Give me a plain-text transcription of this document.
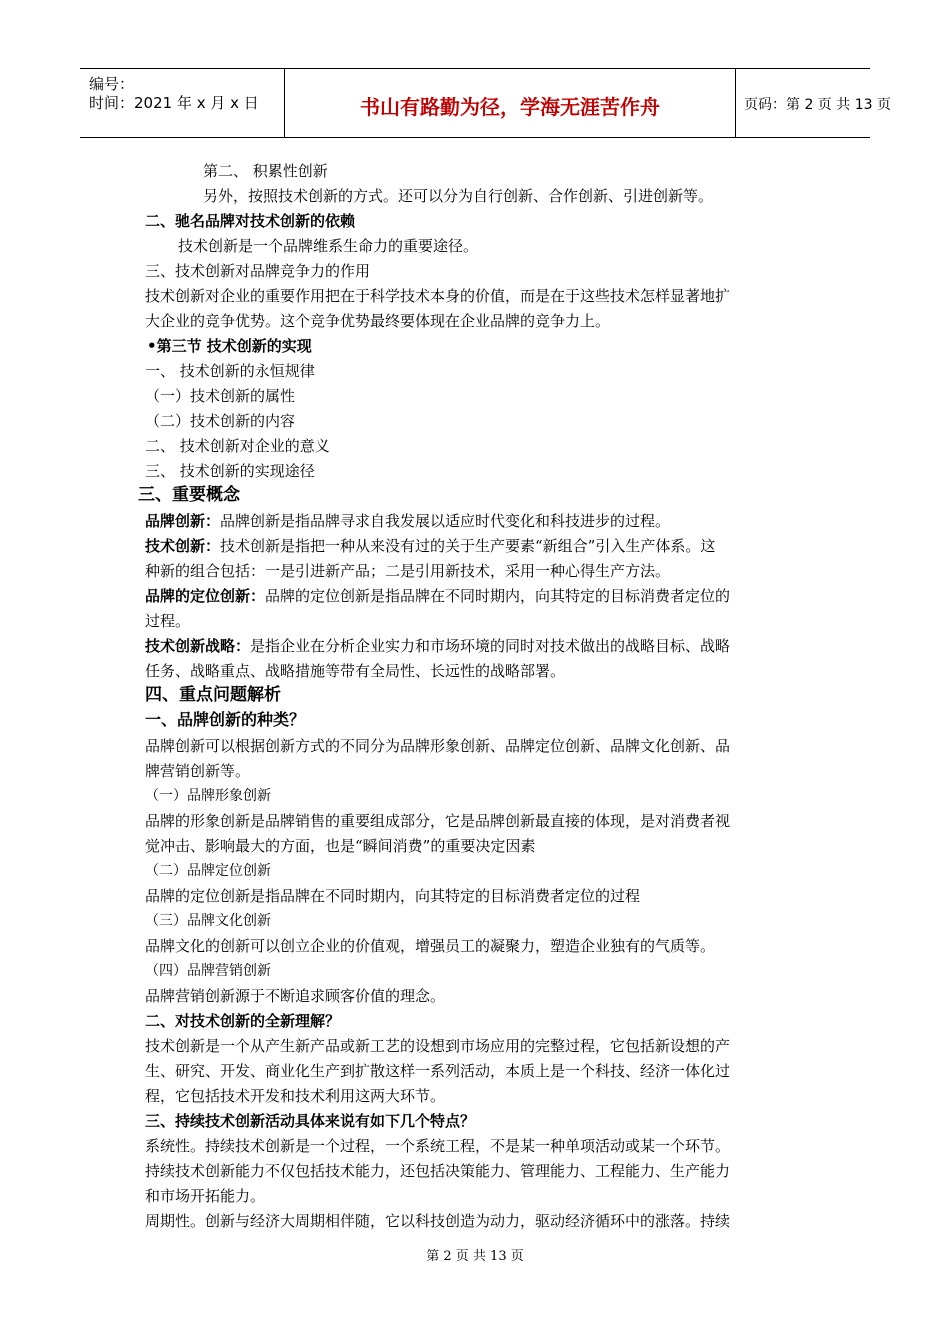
编号：
时间：2021 年 x 月 x 日	书山有路勤为径，学海无涯苦作舟	页码：第 2 页 共 13 页
第二、 积累性创新
另外，按照技术创新的方式。还可以分为自行创新、合作创新、引进创新等。
二、驰名品牌对技术创新的依赖
技术创新是一个品牌维系生命力的重要途径。
三、技术创新对品牌竞争力的作用
技术创新对企业的重要作用把在于科学技术本身的价值，而是在于这些技术怎样显著地扩
大企业的竞争优势。这个竞争优势最终要体现在企业品牌的竞争力上。
•第三节 技术创新的实现
一、 技术创新的永恒规律
（一）技术创新的属性
（二）技术创新的内容
二、 技术创新对企业的意义
三、 技术创新的实现途径
三、重要概念
品牌创新：品牌创新是指品牌寻求自我发展以适应时代变化和科技进步的过程。
技术创新：技术创新是指把一种从来没有过的关于生产要素“新组合”引入生产体系。这
种新的组合包括：一是引进新产品；二是引用新技术，采用一种心得生产方法。
品牌的定位创新：品牌的定位创新是指品牌在不同时期内，向其特定的目标消费者定位的
过程。
技术创新战略：是指企业在分析企业实力和市场环境的同时对技术做出的战略目标、战略
任务、战略重点、战略措施等带有全局性、长远性的战略部署。
四、重点问题解析
一、品牌创新的种类？
品牌创新可以根据创新方式的不同分为品牌形象创新、品牌定位创新、品牌文化创新、品
牌营销创新等。
（一）品牌形象创新
品牌的形象创新是品牌销售的重要组成部分，它是品牌创新最直接的体现，是对消费者视
觉冲击、影响最大的方面，也是“瞬间消费”的重要决定因素
（二）品牌定位创新
品牌的定位创新是指品牌在不同时期内，向其特定的目标消费者定位的过程
（三）品牌文化创新
品牌文化的创新可以创立企业的价值观，增强员工的凝聚力，塑造企业独有的气质等。
（四）品牌营销创新
品牌营销创新源于不断追求顾客价值的理念。
二、对技术创新的全新理解？
技术创新是一个从产生新产品或新工艺的设想到市场应用的完整过程，它包括新设想的产
生、研究、开发、商业化生产到扩散这样一系列活动，本质上是一个科技、经济一体化过
程，它包括技术开发和技术利用这两大环节。
三、持续技术创新活动具体来说有如下几个特点？
系统性。持续技术创新是一个过程，一个系统工程，不是某一种单项活动或某一个环节。
持续技术创新能力不仅包括技术能力，还包括决策能力、管理能力、工程能力、生产能力
和市场开拓能力。
周期性。创新与经济大周期相伴随，它以科技创造为动力，驱动经济循环中的涨落。持续
第 2 页 共 13 页
